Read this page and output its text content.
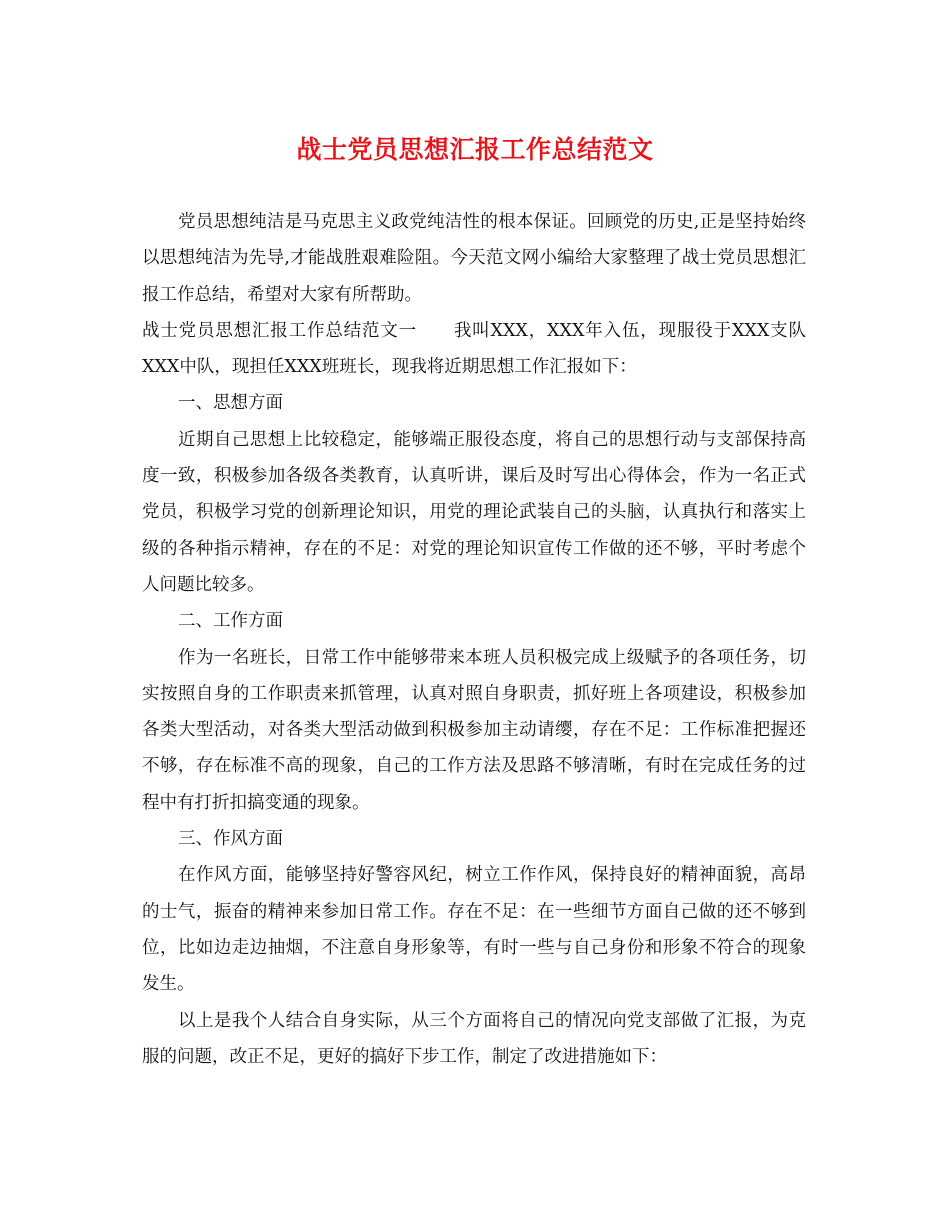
战士党员思想汇报工作总结范文

党员思想纯洁是马克思主义政党纯洁性的根本保证。回顾党的历史,正是坚持始终以思想纯洁为先导,才能战胜艰难险阻。今天范文网小编给大家整理了战士党员思想汇报工作总结，希望对大家有所帮助。

战士党员思想汇报工作总结范文一 我叫XXX，XXX年入伍，现服役于XXX支队XXX中队，现担任XXX班班长，现我将近期思想工作汇报如下：

一、思想方面

近期自己思想上比较稳定，能够端正服役态度，将自己的思想行动与支部保持高度一致，积极参加各级各类教育，认真听讲，课后及时写出心得体会，作为一名正式党员，积极学习党的创新理论知识，用党的理论武装自己的头脑，认真执行和落实上级的各种指示精神，存在的不足：对党的理论知识宣传工作做的还不够，平时考虑个人问题比较多。

二、工作方面

作为一名班长，日常工作中能够带来本班人员积极完成上级赋予的各项任务，切实按照自身的工作职责来抓管理，认真对照自身职责，抓好班上各项建设，积极参加各类大型活动，对各类大型活动做到积极参加主动请缨，存在不足：工作标准把握还不够，存在标准不高的现象，自己的工作方法及思路不够清晰，有时在完成任务的过程中有打折扣搞变通的现象。

三、作风方面

在作风方面，能够坚持好警容风纪，树立工作作风，保持良好的精神面貌，高昂的士气，振奋的精神来参加日常工作。存在不足：在一些细节方面自己做的还不够到位，比如边走边抽烟，不注意自身形象等，有时一些与自己身份和形象不符合的现象发生。

以上是我个人结合自身实际，从三个方面将自己的情况向党支部做了汇报，为克服的问题，改正不足，更好的搞好下步工作，制定了改进措施如下：
